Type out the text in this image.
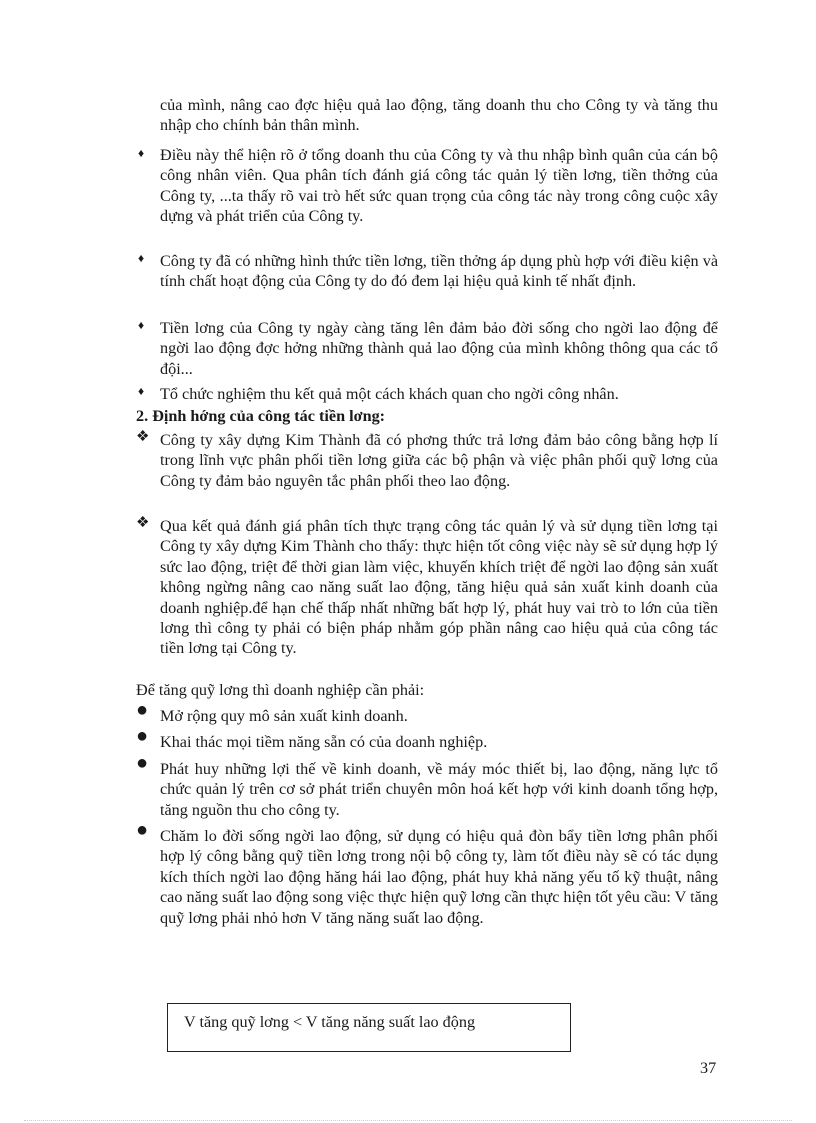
của mình, nâng cao đợc hiệu quả lao động, tăng doanh thu cho Công ty và tăng thu nhập cho chính bản thân mình.
♦ Điều này thể hiện rõ ở tổng doanh thu của Công ty và thu nhập bình quân của cán bộ công nhân viên. Qua phân tích đánh giá công tác quản lý tiền lơng, tiền thởng của Công ty, ...ta thấy rõ vai trò hết sức quan trọng của công tác này trong công cuộc xây dựng và phát triển của Công ty.
♦ Công ty đã có những hình thức tiền lơng, tiền thởng áp dụng phù hợp với điều kiện và tính chất hoạt động của Công ty do đó đem lại hiệu quả kinh tế nhất định.
♦ Tiền lơng của Công ty ngày càng tăng lên đảm bảo đời sống cho ngời lao động để ngời lao động đợc hởng những thành quả lao động của mình không thông qua các tổ đội...
♦ Tổ chức nghiệm thu kết quả một cách khách quan cho ngời công nhân.
2. Định hớng của công tác tiền lơng:
❖ Công ty xây dựng Kim Thành đã có phơng thức trả lơng đảm bảo công bằng hợp lí trong lĩnh vực phân phối tiền lơng giữa các bộ phận và việc phân phối quỹ lơng của Công ty đảm bảo nguyên tắc phân phối theo lao động.
❖ Qua kết quả đánh giá phân tích thực trạng công tác quản lý và sử dụng tiền lơng tại Công ty xây dựng Kim Thành cho thấy: thực hiện tốt công việc này sẽ sử dụng hợp lý sức lao động, triệt để thời gian làm việc, khuyến khích triệt để ngời lao động sản xuất không ngừng nâng cao năng suất lao động, tăng hiệu quả sản xuất kinh doanh của doanh nghiệp.để hạn chế thấp nhất những bất hợp lý, phát huy vai trò to lớn của tiền lơng thì công ty phải có biện pháp nhằm góp phần nâng cao hiệu quả của công tác tiền lơng tại Công ty.
Để tăng quỹ lơng thì doanh nghiệp cần phải:
● Mở rộng quy mô sản xuất kinh doanh.
● Khai thác mọi tiềm năng sẵn có của doanh nghiệp.
● Phát huy những lợi thế về kinh doanh, về máy móc thiết bị, lao động, năng lực tổ chức quản lý trên cơ sở phát triển chuyên môn hoá kết hợp với kinh doanh tổng hợp, tăng nguồn thu cho công ty.
● Chăm lo đời sống ngời lao động, sử dụng có hiệu quả đòn bẩy tiền lơng phân phối hợp lý công bằng quỹ tiền lơng trong nội bộ công ty, làm tốt điều này sẽ có tác dụng kích thích ngời lao động hăng hái lao động, phát huy khả năng yếu tố kỹ thuật, nâng cao năng suất lao động song việc thực hiện quỹ lơng cần thực hiện tốt yêu cầu: V tăng quỹ lơng phải nhỏ hơn V tăng năng suất lao động.
V tăng quỹ lơng < V tăng năng suất lao động
37
